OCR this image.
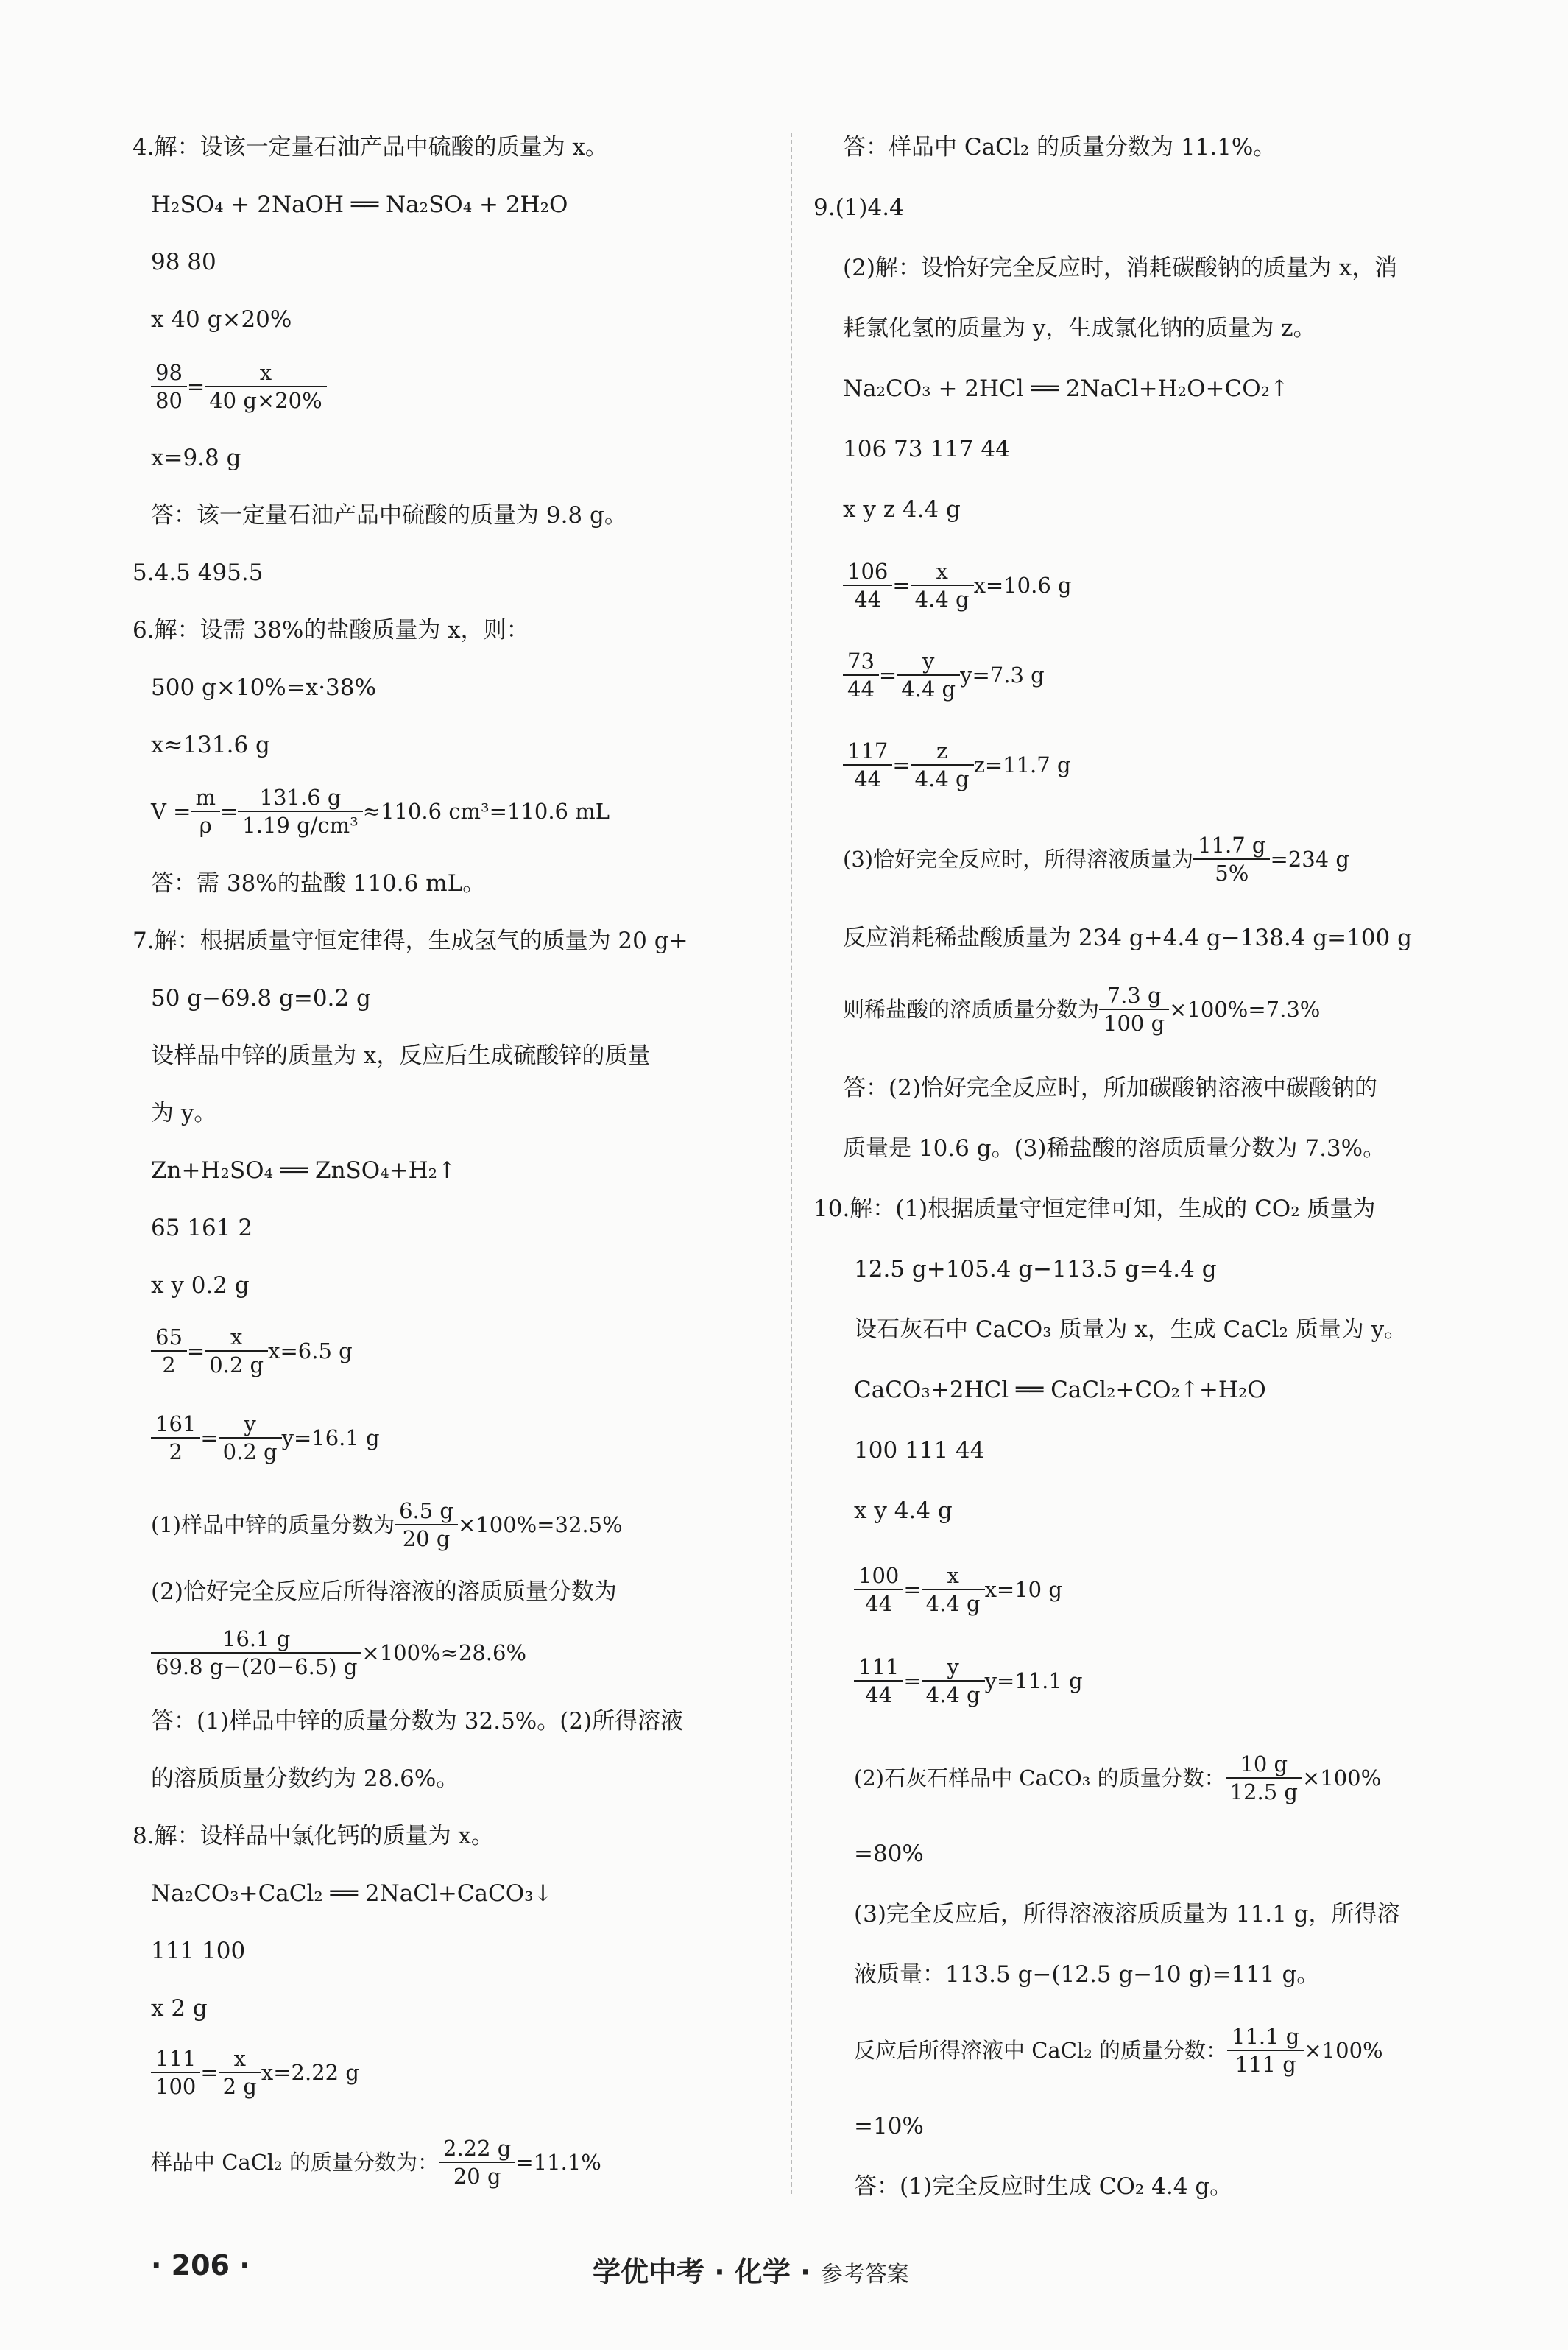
4.解：设该一定量石油产品中硫酸的质量为 x。
H₂SO₄ + 2NaOH ══ Na₂SO₄ + 2H₂O
98 80
x 40 g×20%
$\frac{98}{80} = \frac{x}{40 g\times 20\%}$
x=9.8 g
答：该一定量石油产品中硫酸的质量为 9.8 g。
5.4.5 495.5
6.解：设需 38%的盐酸质量为 x，则：
500 g×10%=x·38%
x≈131.6 g
$V = \frac{m}{\rho} = \frac{131.6 g}{\text{1.19 g/cm³}} \approx 110.6$ cm³=110.6 mL
答：需 38%的盐酸 110.6 mL。
7.解：根据质量守恒定律得，生成氢气的质量为 20 g+
50 g−69.8 g=0.2 g
设样品中锌的质量为 x，反应后生成硫酸锌的质量
为 y。
Zn+H₂SO₄ ══ ZnSO₄+H₂↑
65 161 2
x y 0.2 g
$\frac{65}{2} = \frac{x}{0.2 g} x=6.5$ g
$\frac{161}{2} = \frac{y}{0.2 g} y=16.1$ g
(1)样品中锌的质量分数为 $\frac{6.5 g}{20 g} \times 100\%=32.5\%$
(2)恰好完全反应后所得溶液的溶质质量分数为
$\frac{16.1 g}{69.8 g-(20-6.5) g} \times 100\%\approx 28.6\%$
答：(1)样品中锌的质量分数为 32.5%。(2)所得溶液
的溶质质量分数约为 28.6%。
8.解：设样品中氯化钙的质量为 x。
Na₂CO₃+CaCl₂ ══ 2NaCl+CaCO₃↓
111 100
x 2 g
$\frac{111}{100} = \frac{x}{2 g} x=2.22$ g
样品中 CaCl₂ 的质量分数为： $\frac{2.22 g}{20 g} =11.1\%$
答：样品中 CaCl₂ 的质量分数为 11.1%。
9.(1)4.4
(2)解：设恰好完全反应时，消耗碳酸钠的质量为 x，消
耗氯化氢的质量为 y，生成氯化钠的质量为 z。
Na₂CO₃ + 2HCl ══ 2NaCl+H₂O+CO₂↑
106 73 117 44
x y z 4.4 g
$\frac{106}{44} = \frac{x}{4.4 g} x=10.6$ g
$\frac{73}{44} = \frac{y}{4.4 g} y=7.3$ g
$\frac{117}{44} = \frac{z}{4.4 g} z=11.7$ g
(3)恰好完全反应时，所得溶液质量为 $\frac{11.7 g}{5\%} =234$ g
反应消耗稀盐酸质量为 234 g+4.4 g−138.4 g=100 g
则稀盐酸的溶质质量分数为 $\frac{7.3 g}{100 g} \times 100\%=7.3\%$
答：(2)恰好完全反应时，所加碳酸钠溶液中碳酸钠的
质量是 10.6 g。(3)稀盐酸的溶质质量分数为 7.3%。
10.解：(1)根据质量守恒定律可知，生成的 CO₂ 质量为
12.5 g+105.4 g−113.5 g=4.4 g
设石灰石中 CaCO₃ 质量为 x，生成 CaCl₂ 质量为 y。
CaCO₃+2HCl ══ CaCl₂+CO₂↑+H₂O
100 111 44
x y 4.4 g
$\frac{100}{44} = \frac{x}{4.4 g} x=10$ g
$\frac{111}{44} = \frac{y}{4.4 g} y=11.1$ g
(2)石灰石样品中 CaCO₃ 的质量分数： $\frac{10 g}{12.5 g} \times 100\%$
=80%
(3)完全反应后，所得溶液溶质质量为 11.1 g，所得溶
液质量：113.5 g−(12.5 g−10 g)=111 g。
反应后所得溶液中 CaCl₂ 的质量分数： $\frac{11.1 g}{111 g} \times 100\%$
=10%
答：(1)完全反应时生成 CO₂ 4.4 g。
· 206 ·	学优中考 · 化学 · 参考答案
